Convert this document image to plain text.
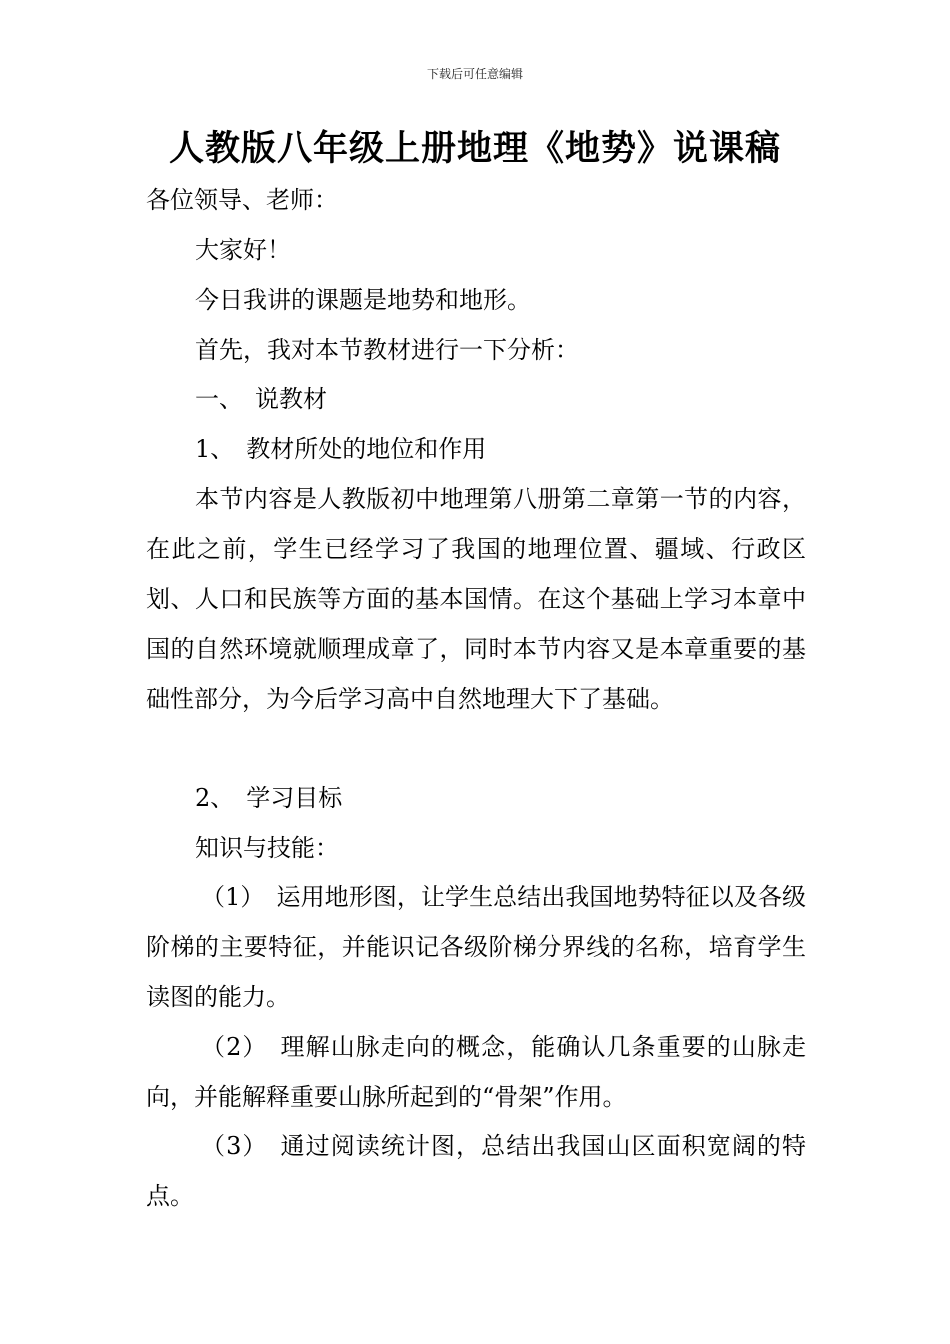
下载后可任意编辑
人教版八年级上册地理《地势》说课稿
各位领导、老师：
大家好！
今日我讲的课题是地势和地形。
首先，我对本节教材进行一下分析：
一、　说教材
1、　教材所处的地位和作用
本节内容是人教版初中地理第八册第二章第一节的内容，在此之前，学生已经学习了我国的地理位置、疆域、行政区划、人口和民族等方面的基本国情。在这个基础上学习本章中国的自然环境就顺理成章了，同时本节内容又是本章重要的基础性部分，为今后学习高中自然地理大下了基础。
2、　学习目标
知识与技能：
（1）　运用地形图，让学生总结出我国地势特征以及各级阶梯的主要特征，并能识记各级阶梯分界线的名称，培育学生读图的能力。
（2）　理解山脉走向的概念，能确认几条重要的山脉走向，并能解释重要山脉所起到的“骨架”作用。
（3）　通过阅读统计图，总结出我国山区面积宽阔的特点。
